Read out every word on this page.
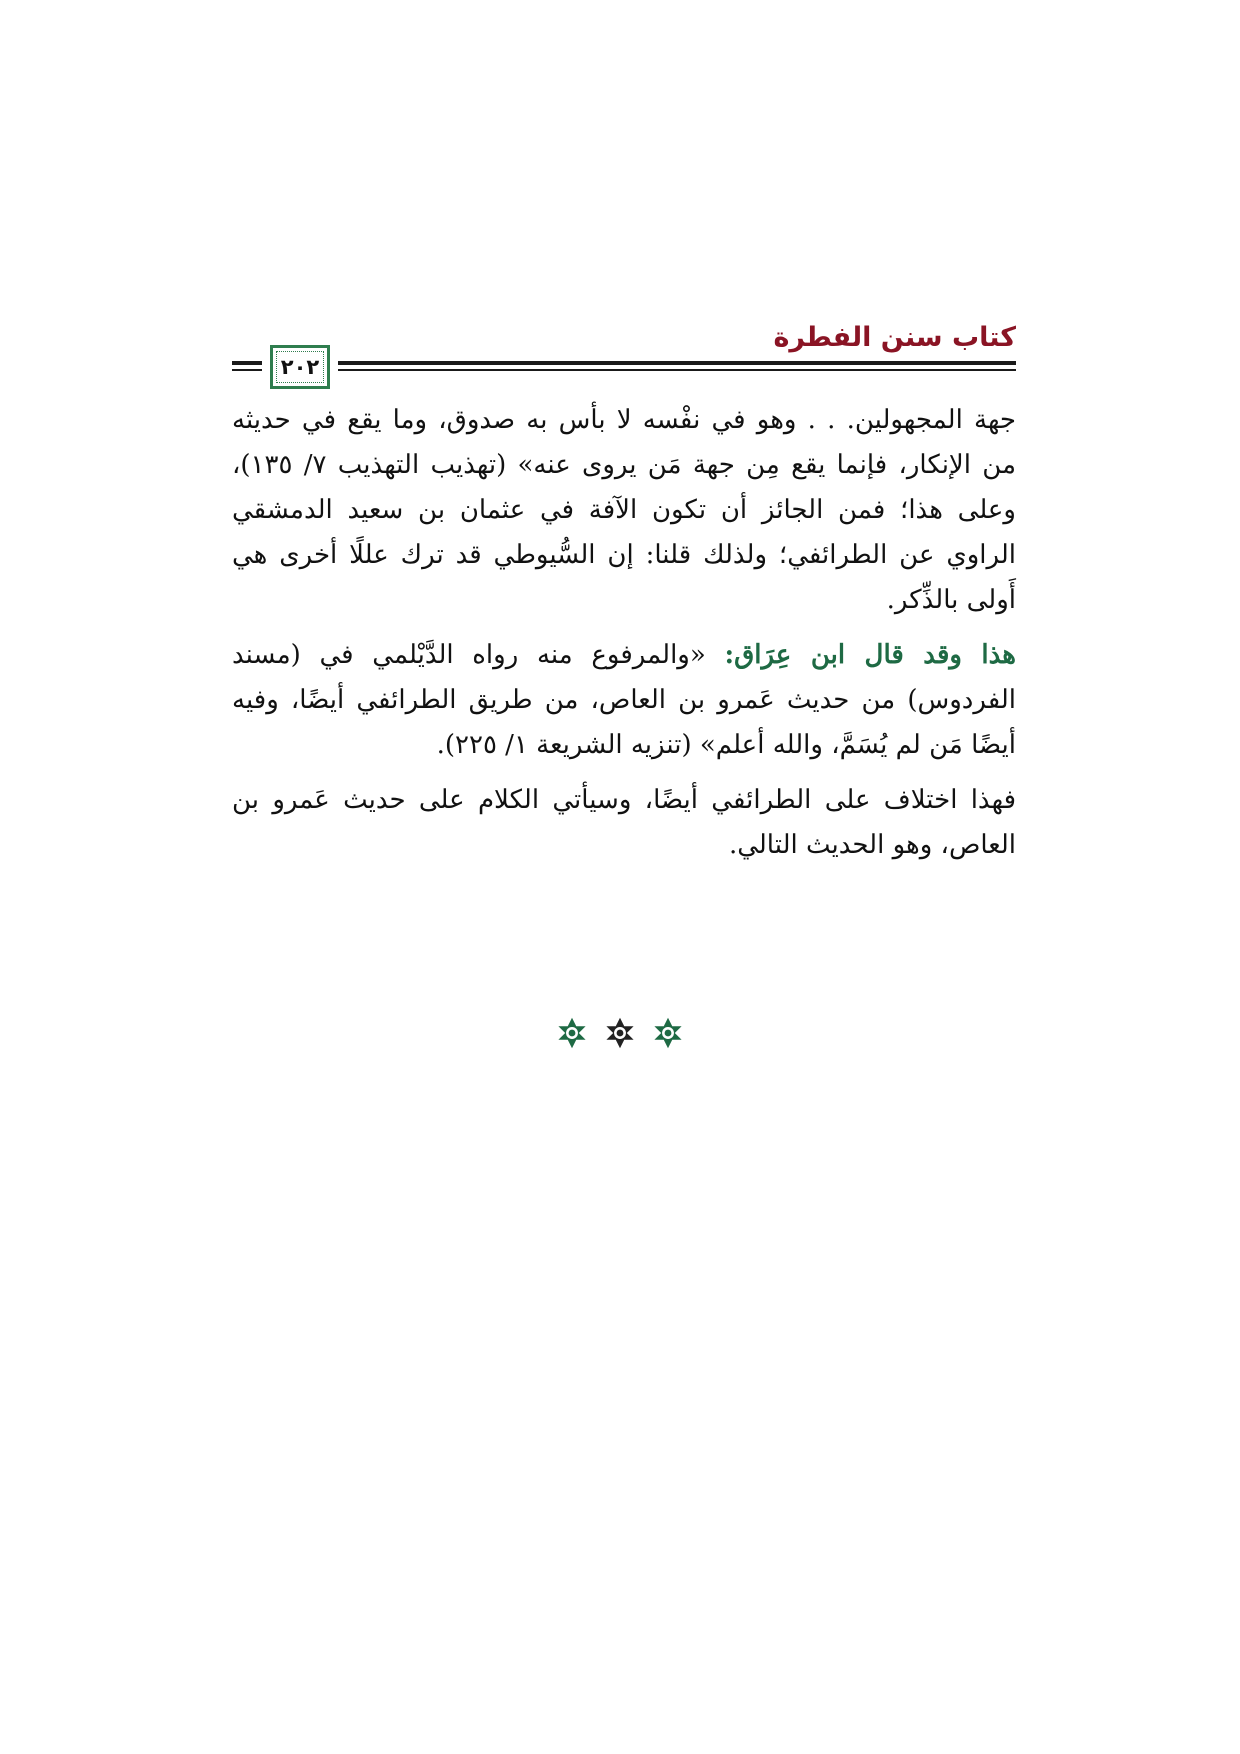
كتاب سنن الفطرة
٢٠٢

جهة المجهولين. . . وهو في نفْسه لا بأس به صدوق، وما يقع في حديثه من الإنكار، فإنما يقع مِن جهة مَن يروى عنه» (تهذيب التهذيب ٧/ ١٣٥)، وعلى هذا؛ فمن الجائز أن تكون الآفة في عثمان بن سعيد الدمشقي الراوي عن الطرائفي؛ ولذلك قلنا: إن السُّيوطي قد ترك عللًا أخرى هي أَولى بالذِّكر.

هذا وقد قال ابن عِرَاق: «والمرفوع منه رواه الدَّيْلمي في (مسند الفردوس) من حديث عَمرو بن العاص، من طريق الطرائفي أيضًا، وفيه أيضًا مَن لم يُسَمَّ، والله أعلم» (تنزيه الشريعة ١/ ٢٢٥).

فهذا اختلاف على الطرائفي أيضًا، وسيأتي الكلام على حديث عَمرو بن العاص، وهو الحديث التالي.
